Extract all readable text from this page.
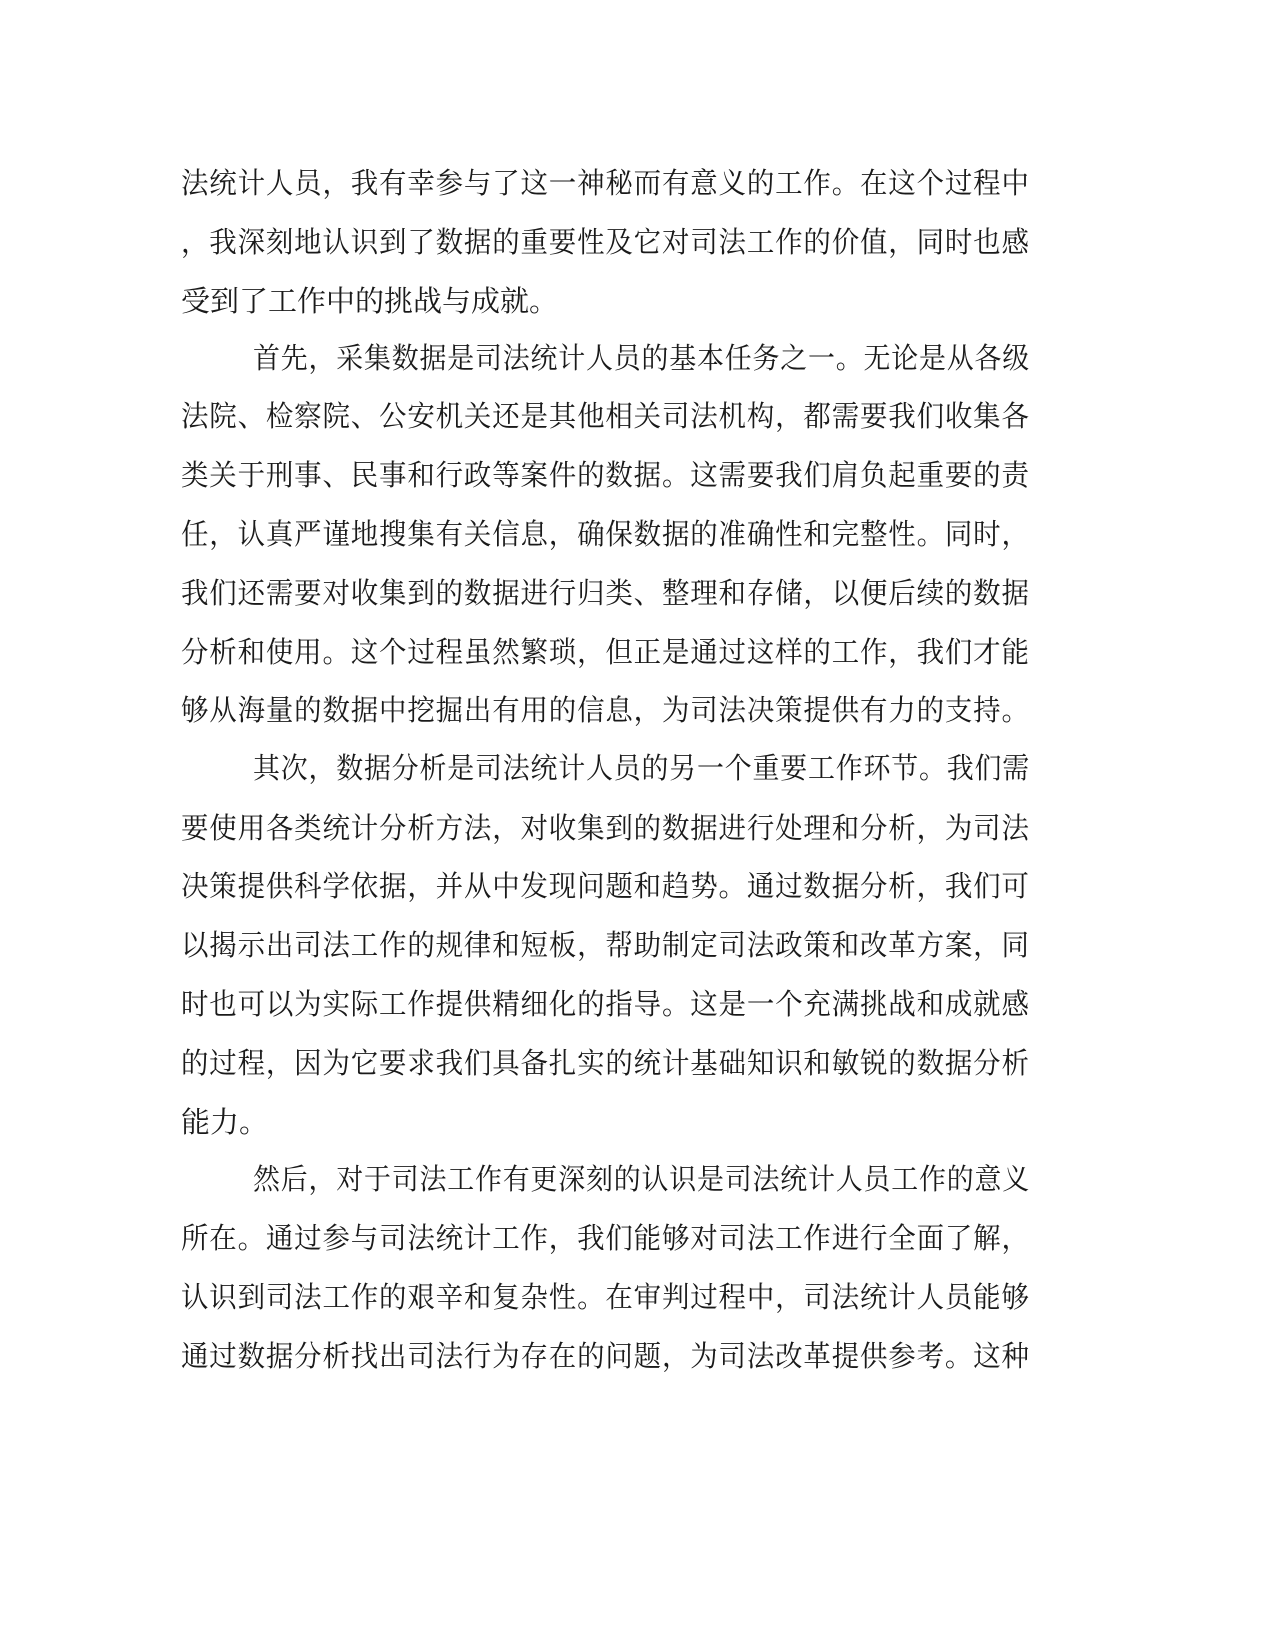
法统计人员，我有幸参与了这一神秘而有意义的工作。在这个过程中
，我深刻地认识到了数据的重要性及它对司法工作的价值，同时也感
受到了工作中的挑战与成就。
首先，采集数据是司法统计人员的基本任务之一。无论是从各级
法院、检察院、公安机关还是其他相关司法机构，都需要我们收集各
类关于刑事、民事和行政等案件的数据。这需要我们肩负起重要的责
任，认真严谨地搜集有关信息，确保数据的准确性和完整性。同时，
我们还需要对收集到的数据进行归类、整理和存储，以便后续的数据
分析和使用。这个过程虽然繁琐，但正是通过这样的工作，我们才能
够从海量的数据中挖掘出有用的信息，为司法决策提供有力的支持。
其次，数据分析是司法统计人员的另一个重要工作环节。我们需
要使用各类统计分析方法，对收集到的数据进行处理和分析，为司法
决策提供科学依据，并从中发现问题和趋势。通过数据分析，我们可
以揭示出司法工作的规律和短板，帮助制定司法政策和改革方案，同
时也可以为实际工作提供精细化的指导。这是一个充满挑战和成就感
的过程，因为它要求我们具备扎实的统计基础知识和敏锐的数据分析
能力。
然后，对于司法工作有更深刻的认识是司法统计人员工作的意义
所在。通过参与司法统计工作，我们能够对司法工作进行全面了解，
认识到司法工作的艰辛和复杂性。在审判过程中，司法统计人员能够
通过数据分析找出司法行为存在的问题，为司法改革提供参考。这种
